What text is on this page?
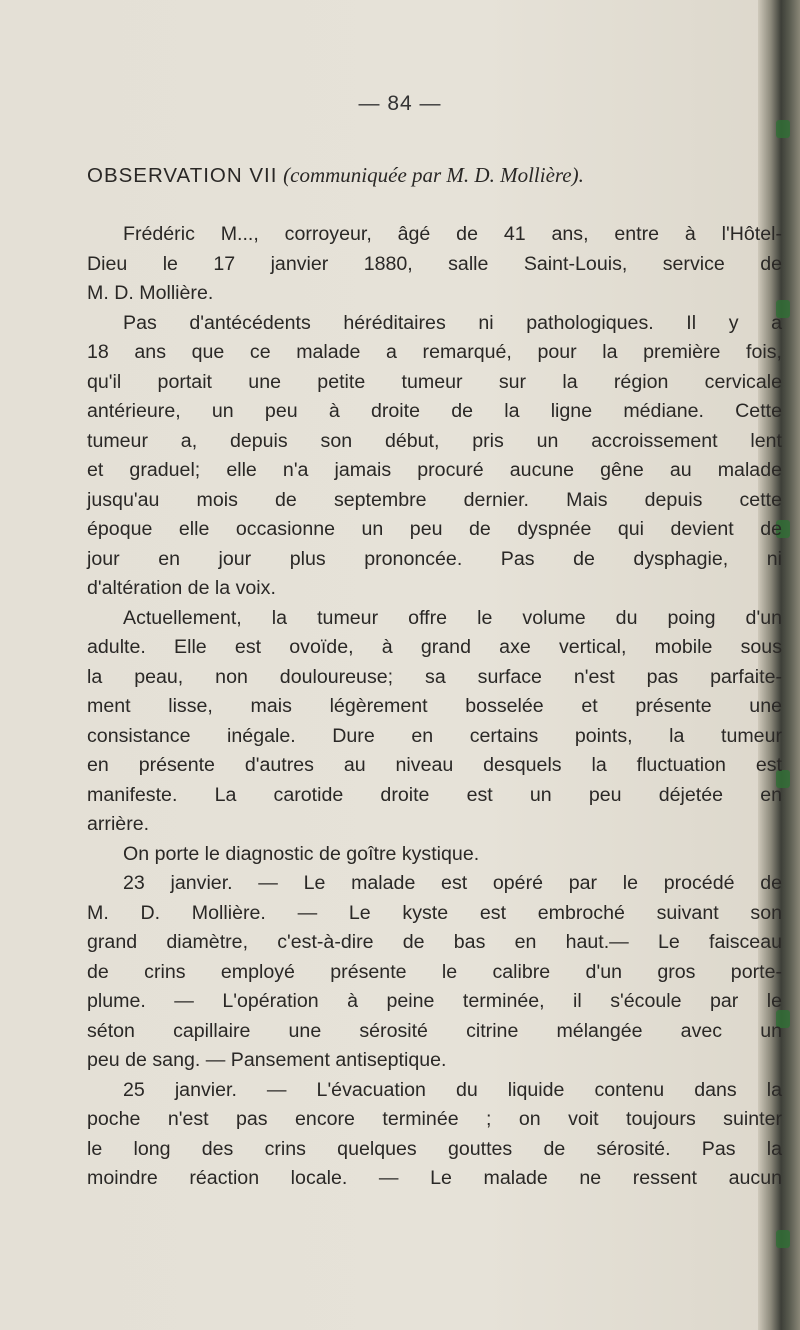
— 84 —
OBSERVATION VII (communiquée par M. D. Mollière).
Frédéric M..., corroyeur, âgé de 41 ans, entre à l'Hôtel-
Dieu le 17 janvier 1880, salle Saint-Louis, service de
M. D. Mollière.
Pas d'antécédents héréditaires ni pathologiques. Il y a
18 ans que ce malade a remarqué, pour la première fois,
qu'il portait une petite tumeur sur la région cervicale
antérieure, un peu à droite de la ligne médiane. Cette
tumeur a, depuis son début, pris un accroissement lent
et graduel; elle n'a jamais procuré aucune gêne au malade
jusqu'au mois de septembre dernier. Mais depuis cette
époque elle occasionne un peu de dyspnée qui devient de
jour en jour plus prononcée. Pas de dysphagie, ni
d'altération de la voix.
Actuellement, la tumeur offre le volume du poing d'un
adulte. Elle est ovoïde, à grand axe vertical, mobile sous
la peau, non douloureuse; sa surface n'est pas parfaite-
ment lisse, mais légèrement bosselée et présente une
consistance inégale. Dure en certains points, la tumeur
en présente d'autres au niveau desquels la fluctuation est
manifeste. La carotide droite est un peu déjetée en
arrière.
On porte le diagnostic de goître kystique.
23 janvier. — Le malade est opéré par le procédé de
M. D. Mollière. — Le kyste est embroché suivant son
grand diamètre, c'est-à-dire de bas en haut.— Le faisceau
de crins employé présente le calibre d'un gros porte-
plume. — L'opération à peine terminée, il s'écoule par le
séton capillaire une sérosité citrine mélangée avec un
peu de sang. — Pansement antiseptique.
25 janvier. — L'évacuation du liquide contenu dans la
poche n'est pas encore terminée ; on voit toujours suinter
le long des crins quelques gouttes de sérosité. Pas la
moindre réaction locale. — Le malade ne ressent aucun
